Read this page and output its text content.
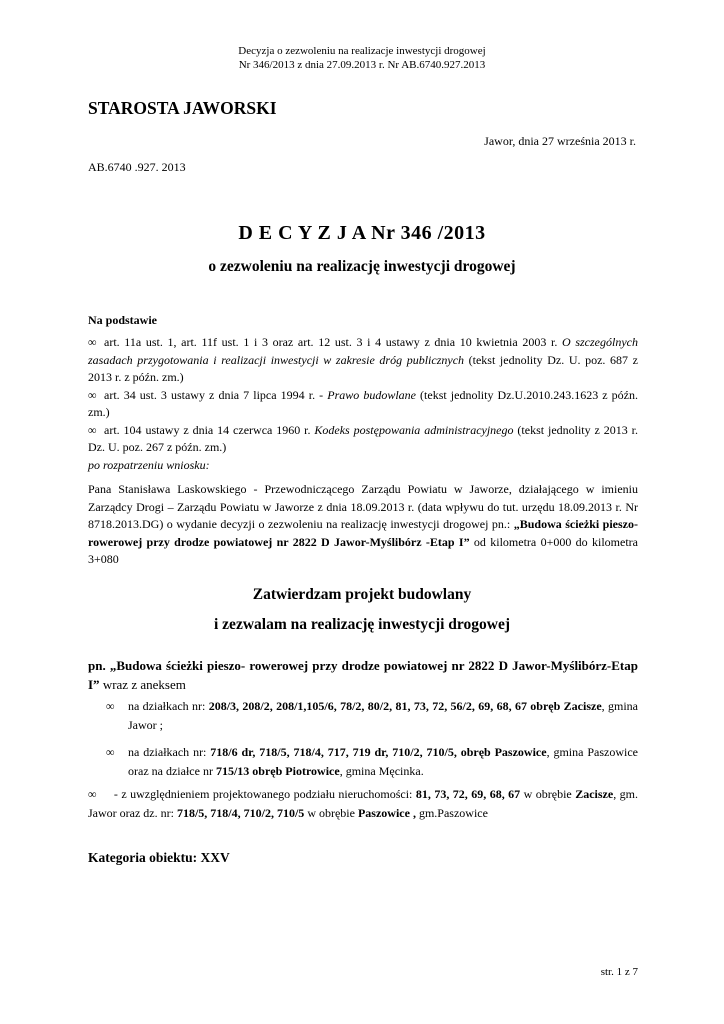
Decyzja o zezwoleniu na realizacje inwestycji drogowej
Nr 346/2013 z dnia 27.09.2013 r. Nr AB.6740.927.2013
STAROSTA JAWORSKI
Jawor, dnia 27 września 2013 r.
AB.6740 .927. 2013
D E C Y Z J A Nr 346 /2013
o zezwoleniu na realizację inwestycji drogowej
Na podstawie
∞ art. 11a ust. 1, art. 11f ust. 1 i 3 oraz art. 12 ust. 3 i 4 ustawy z dnia 10 kwietnia 2003 r. O szczególnych zasadach przygotowania i realizacji inwestycji w zakresie dróg publicznych (tekst jednolity Dz. U. poz. 687 z 2013 r. z późn. zm.)
∞ art. 34 ust. 3 ustawy z dnia 7 lipca 1994 r. - Prawo budowlane (tekst jednolity Dz.U.2010.243.1623 z późn. zm.)
∞ art. 104 ustawy z dnia 14 czerwca 1960 r. Kodeks postępowania administracyjnego (tekst jednolity z 2013 r. Dz. U. poz. 267 z późn. zm.)
po rozpatrzeniu wniosku:
Pana Stanisława Laskowskiego - Przewodniczącego Zarządu Powiatu w Jaworze, działającego w imieniu Zarządcy Drogi – Zarządu Powiatu w Jaworze z dnia 18.09.2013 r. (data wpływu do tut. urzędu 18.09.2013 r. Nr 8718.2013.DG) o wydanie decyzji o zezwoleniu na realizację inwestycji drogowej pn.: „Budowa ścieżki pieszo- rowerowej przy drodze powiatowej nr 2822 D Jawor-Myślibórz -Etap I” od kilometra 0+000 do kilometra 3+080
Zatwierdzam projekt budowlany
i zezwalam na realizację inwestycji drogowej
pn. „Budowa ścieżki pieszo- rowerowej przy drodze powiatowej nr 2822 D Jawor-Myślibórz-Etap I” wraz z aneksem
∞	na działkach nr: 208/3, 208/2, 208/1,105/6, 78/2, 80/2, 81, 73, 72, 56/2, 69, 68, 67 obręb Zacisze, gmina Jawor ;
∞	na działkach nr: 718/6 dr, 718/5, 718/4, 717, 719 dr, 710/2, 710/5, obręb Paszowice, gmina Paszowice oraz na działce nr 715/13 obręb Piotrowice, gmina Męcinka.
∞     - z uwzględnieniem projektowanego podziału nieruchomości: 81, 73, 72, 69, 68, 67 w obrębie Zacisze, gm. Jawor oraz dz. nr: 718/5, 718/4, 710/2, 710/5 w obrębie Paszowice , gm.Paszowice
Kategoria obiektu: XXV
str. 1 z 7
